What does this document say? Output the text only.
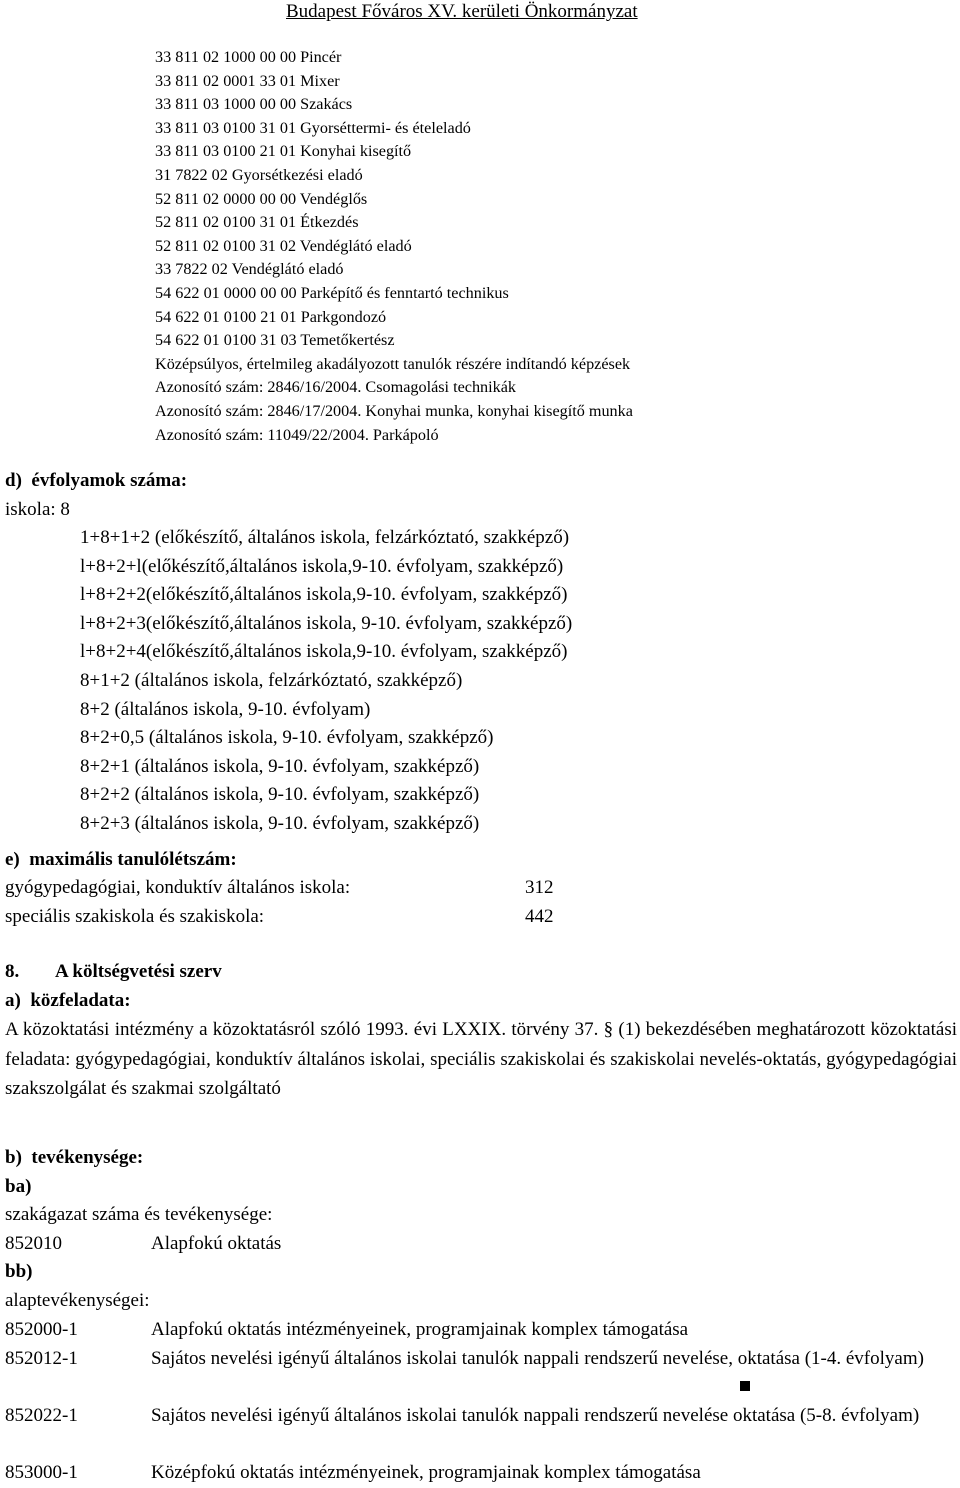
Budapest Főváros XV. kerületi Önkormányzat
33 811 02 1000 00 00 Pincér
33 811 02 0001 33 01 Mixer
33 811 03 1000 00 00 Szakács
33 811 03 0100 31 01 Gyorséttermi- és ételeladó
33 811 03 0100 21 01 Konyhai kisegítő
31 7822 02 Gyorsétkezési eladó
52 811 02 0000 00 00 Vendéglős
52 811 02 0100 31 01 Étkezdés
52 811 02 0100 31 02 Vendéglátó eladó
33 7822 02 Vendéglátó eladó
54 622 01 0000 00 00 Parképítő és fenntartó technikus
54 622 01 0100 21 01 Parkgondozó
54 622 01 0100 31 03 Temetőkertész
Középsúlyos, értelmileg akadályozott tanulók részére indítandó képzések
Azonosító szám: 2846/16/2004. Csomagolási technikák
Azonosító szám: 2846/17/2004. Konyhai munka, konyhai kisegítő munka
Azonosító szám: 11049/22/2004. Parkápoló
d) évfolyamok száma:
iskola: 8
1+8+1+2 (előkészítő, általános iskola, felzárkóztató, szakképző)
l+8+2+l(előkészítő,általános iskola,9-10. évfolyam, szakképző)
l+8+2+2(előkészítő,általános iskola,9-10. évfolyam, szakképző)
l+8+2+3(előkészítő,általános iskola, 9-10. évfolyam, szakképző)
l+8+2+4(előkészítő,általános iskola,9-10. évfolyam, szakképző)
8+1+2 (általános iskola, felzárkóztató, szakképző)
8+2 (általános iskola, 9-10. évfolyam)
8+2+0,5 (általános iskola, 9-10. évfolyam, szakképző)
8+2+1 (általános iskola, 9-10. évfolyam, szakképző)
8+2+2 (általános iskola, 9-10. évfolyam, szakképző)
8+2+3 (általános iskola, 9-10. évfolyam, szakképző)
e) maximális tanulólétszám:
gyógypedagógiai, konduktív általános iskola:	312
speciális szakiskola és szakiskola:	442
8. A költségvetési szerv
a) közfeladata:
A közoktatási intézmény a közoktatásról szóló 1993. évi LXXIX. törvény 37. § (1) bekezdésében meghatározott közoktatási feladata: gyógypedagógiai, konduktív általános iskolai, speciális szakiskolai és szakiskolai nevelés-oktatás, gyógypedagógiai szakszolgálat és szakmai szolgáltató
b) tevékenysége:
ba)
szakágazat száma és tevékenysége:
852010	Alapfokú oktatás
bb)
alaptevékenységei:
852000-1	Alapfokú oktatás intézményeinek, programjainak komplex támogatása
852012-1	Sajátos nevelési igényű általános iskolai tanulók nappali rendszerű nevelése, oktatása (1-4. évfolyam)
852022-1	Sajátos nevelési igényű általános iskolai tanulók nappali rendszerű nevelése oktatása (5-8. évfolyam)
853000-1	Középfokú oktatás intézményeinek, programjainak komplex támogatása
